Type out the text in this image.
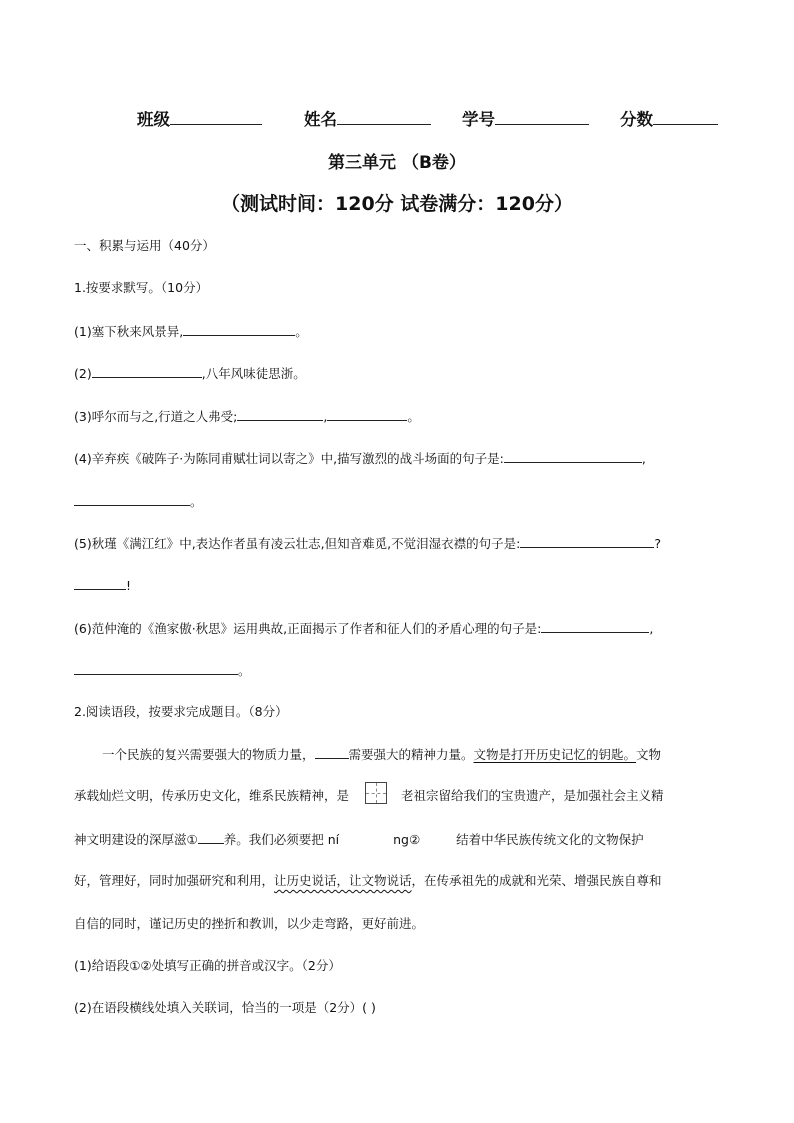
班级	姓名	学号	分数
第三单元 （B卷）
（测试时间：120分 试卷满分：120分）
一、积累与运用（40分）
1.按要求默写。（10分）
(1)塞下秋来风景异,	。
(2)	,八年风味徒思浙。
(3)呼尔而与之,行道之人弗受;	,	。
(4)辛弃疾《破阵子·为陈同甫赋壮词以寄之》中,描写激烈的战斗场面的句子是:	,
。
(5)秋瑾《满江红》中,表达作者虽有凌云壮志,但知音难觅,不觉泪湿衣襟的句子是:	?
!
(6)范仲淹的《渔家傲·秋思》运用典故,正面揭示了作者和征人们的矛盾心理的句子是:	,
。
2.阅读语段，按要求完成题目。（8分）
一个民族的复兴需要强大的物质力量，	需要强大的精神力量。文物是打开历史记忆的钥匙。文物
承载灿烂文明，传承历史文化，维系民族精神，是	老祖宗留给我们的宝贵遗产，是加强社会主义精
神文明建设的深厚滋① 养。我们必须要把 ní	ng②	结着中华民族传统文化的文物保护
好，管理好，同时加强研究和利用，让历史说话，让文物说话，在传承祖先的成就和光荣、增强民族自尊和
自信的同时，谨记历史的挫折和教训，以少走弯路，更好前进。
(1)给语段①②处填写正确的拼音或汉字。（2分）
(2)在语段横线处填入关联词，恰当的一项是（2分）( )
